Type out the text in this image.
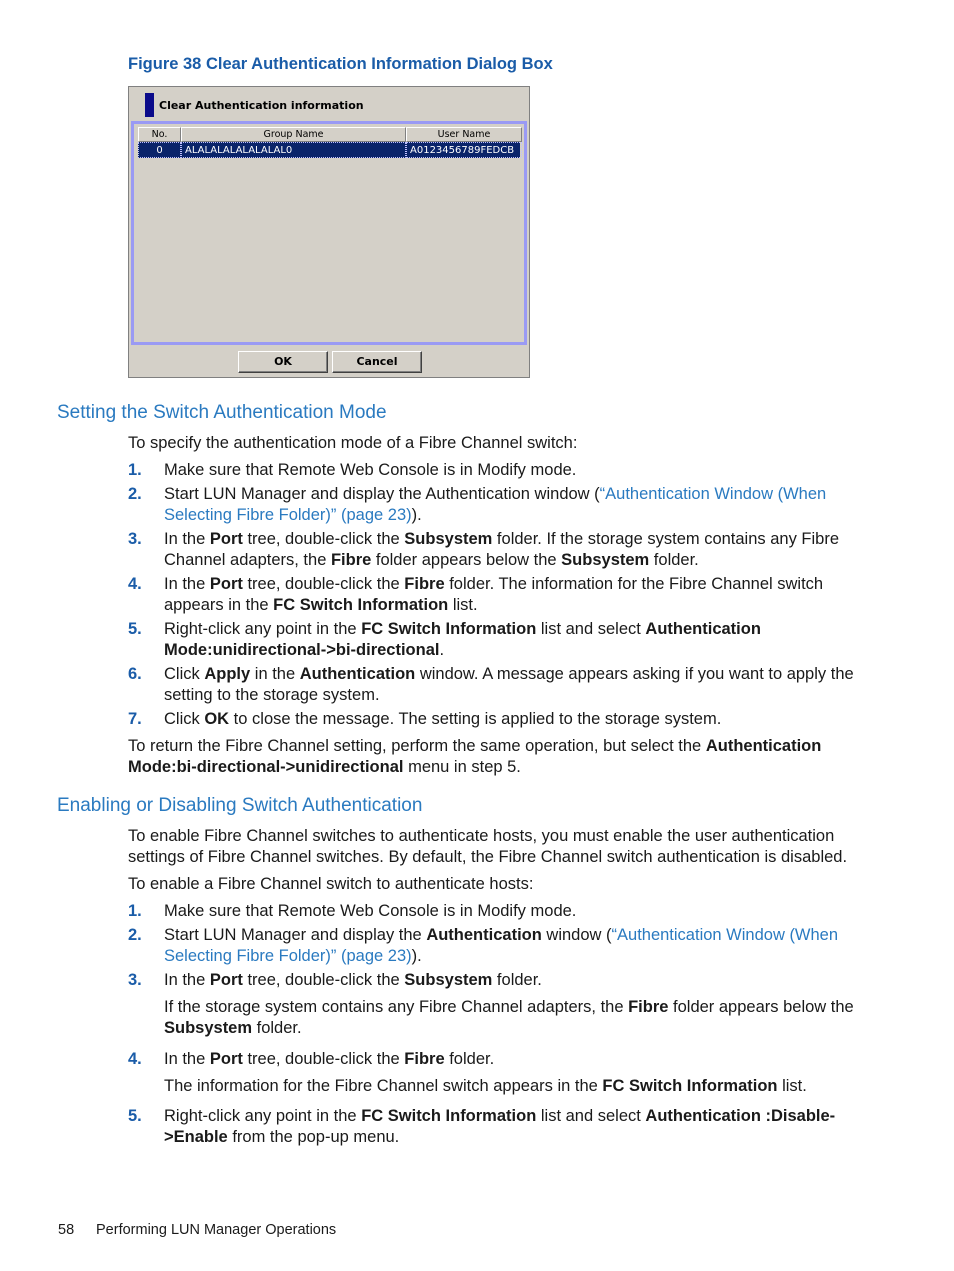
Figure 38 Clear Authentication Information Dialog Box
Clear Authentication information
No.	Group Name	User Name
0	ALALALALALALALAL0	A0123456789FEDCB
OK	Cancel
Setting the Switch Authentication Mode
To specify the authentication mode of a Fibre Channel switch:
1.	Make sure that Remote Web Console is in Modify mode.
2.	Start LUN Manager and display the Authentication window (“Authentication Window (When Selecting Fibre Folder)” (page 23)).
3.	In the Port tree, double-click the Subsystem folder. If the storage system contains any Fibre Channel adapters, the Fibre folder appears below the Subsystem folder.
4.	In the Port tree, double-click the Fibre folder. The information for the Fibre Channel switch appears in the FC Switch Information list.
5.	Right-click any point in the FC Switch Information list and select Authentication Mode:unidirectional->bi-directional.
6.	Click Apply in the Authentication window. A message appears asking if you want to apply the setting to the storage system.
7.	Click OK to close the message. The setting is applied to the storage system.
To return the Fibre Channel setting, perform the same operation, but select the Authentication Mode:bi-directional->unidirectional menu in step 5.
Enabling or Disabling Switch Authentication
To enable Fibre Channel switches to authenticate hosts, you must enable the user authentication settings of Fibre Channel switches. By default, the Fibre Channel switch authentication is disabled.
To enable a Fibre Channel switch to authenticate hosts:
1.	Make sure that Remote Web Console is in Modify mode.
2.	Start LUN Manager and display the Authentication window (“Authentication Window (When Selecting Fibre Folder)” (page 23)).
3.	In the Port tree, double-click the Subsystem folder.
If the storage system contains any Fibre Channel adapters, the Fibre folder appears below the Subsystem folder.
4.	In the Port tree, double-click the Fibre folder.
The information for the Fibre Channel switch appears in the FC Switch Information list.
5.	Right-click any point in the FC Switch Information list and select Authentication :Disable->Enable from the pop-up menu.
58 Performing LUN Manager Operations
